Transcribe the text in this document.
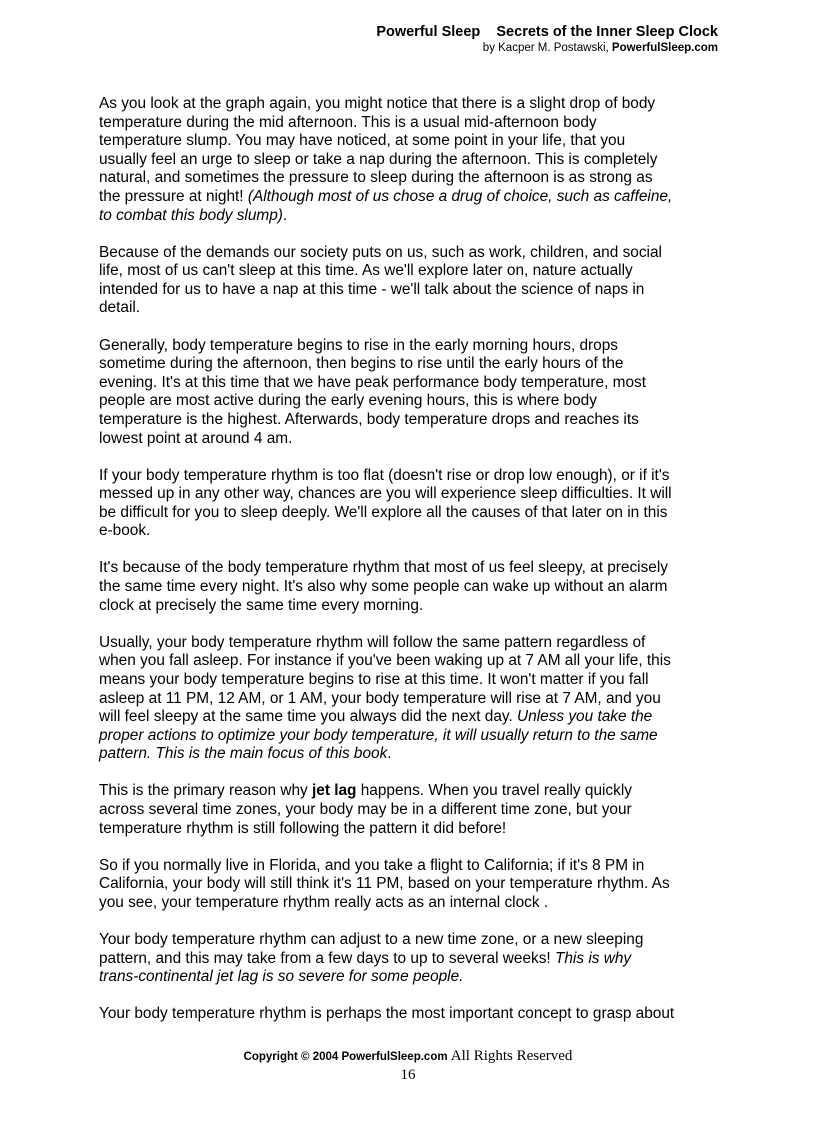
Powerful Sleep Secrets of the Inner Sleep Clock
by Kacper M. Postawski, PowerfulSleep.com

As you look at the graph again, you might notice that there is a slight drop of body
temperature during the mid afternoon. This is a usual mid-afternoon body
temperature slump. You may have noticed, at some point in your life, that you
usually feel an urge to sleep or take a nap during the afternoon. This is completely
natural, and sometimes the pressure to sleep during the afternoon is as strong as
the pressure at night! (Although most of us chose a drug of choice, such as caffeine,
to combat this body slump).

Because of the demands our society puts on us, such as work, children, and social
life, most of us can't sleep at this time. As we'll explore later on, nature actually
intended for us to have a nap at this time - we'll talk about the science of naps in
detail.

Generally, body temperature begins to rise in the early morning hours, drops
sometime during the afternoon, then begins to rise until the early hours of the
evening. It's at this time that we have peak performance body temperature, most
people are most active during the early evening hours, this is where body
temperature is the highest. Afterwards, body temperature drops and reaches its
lowest point at around 4 am.

If your body temperature rhythm is too flat (doesn't rise or drop low enough), or if it's
messed up in any other way, chances are you will experience sleep difficulties. It will
be difficult for you to sleep deeply. We'll explore all the causes of that later on in this
e-book.

It's because of the body temperature rhythm that most of us feel sleepy, at precisely
the same time every night. It's also why some people can wake up without an alarm
clock at precisely the same time every morning.

Usually, your body temperature rhythm will follow the same pattern regardless of
when you fall asleep. For instance if you've been waking up at 7 AM all your life, this
means your body temperature begins to rise at this time. It won't matter if you fall
asleep at 11 PM, 12 AM, or 1 AM, your body temperature will rise at 7 AM, and you
will feel sleepy at the same time you always did the next day. Unless you take the
proper actions to optimize your body temperature, it will usually return to the same
pattern. This is the main focus of this book.

This is the primary reason why jet lag happens. When you travel really quickly
across several time zones, your body may be in a different time zone, but your
temperature rhythm is still following the pattern it did before!

So if you normally live in Florida, and you take a flight to California; if it's 8 PM in
California, your body will still think it's 11 PM, based on your temperature rhythm. As
you see, your temperature rhythm really acts as an internal clock .

Your body temperature rhythm can adjust to a new time zone, or a new sleeping
pattern, and this may take from a few days to up to several weeks! This is why
trans-continental jet lag is so severe for some people.

Your body temperature rhythm is perhaps the most important concept to grasp about

Copyright © 2004 PowerfulSleep.com All Rights Reserved
16
